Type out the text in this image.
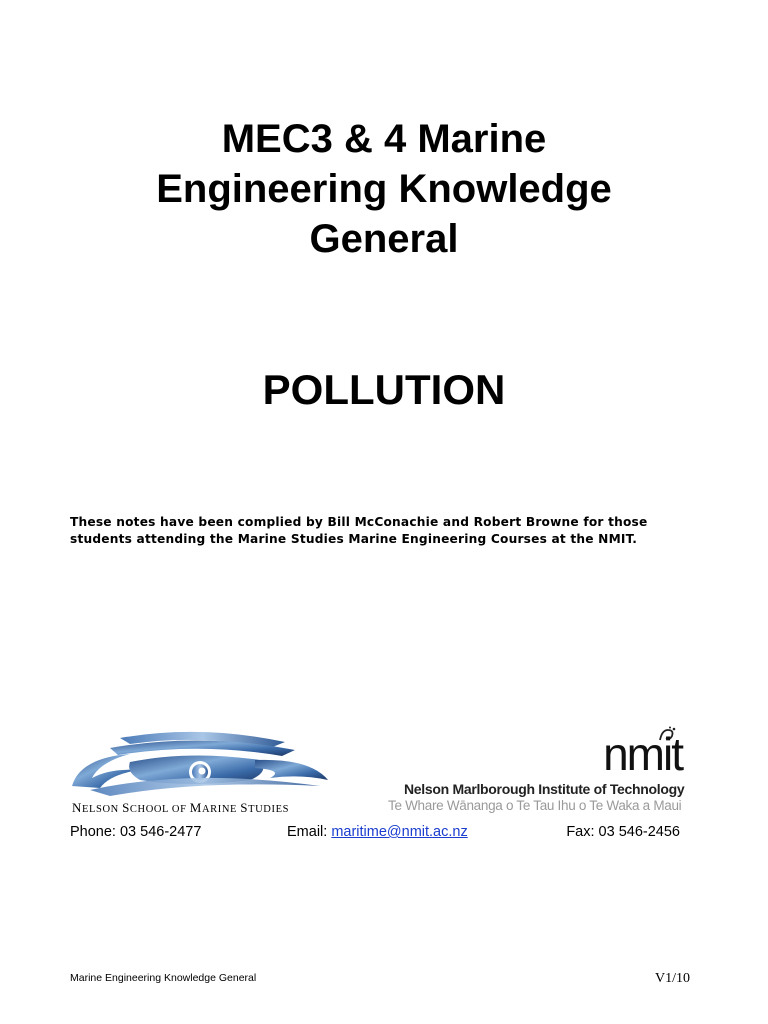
MEC3 & 4 Marine
Engineering Knowledge
General
POLLUTION
These notes have been complied by Bill McConachie and Robert Browne for those
students attending the Marine Studies Marine Engineering Courses at the NMIT.
NELSON SCHOOL OF MARINE STUDIES
nmit
Nelson Marlborough Institute of Technology
Te Whare Wānanga o Te Tau Ihu o Te Waka a Maui
Phone: 03 546-2477	Email: maritime@nmit.ac.nz	Fax: 03 546-2456
Marine Engineering Knowledge General	V1/10
